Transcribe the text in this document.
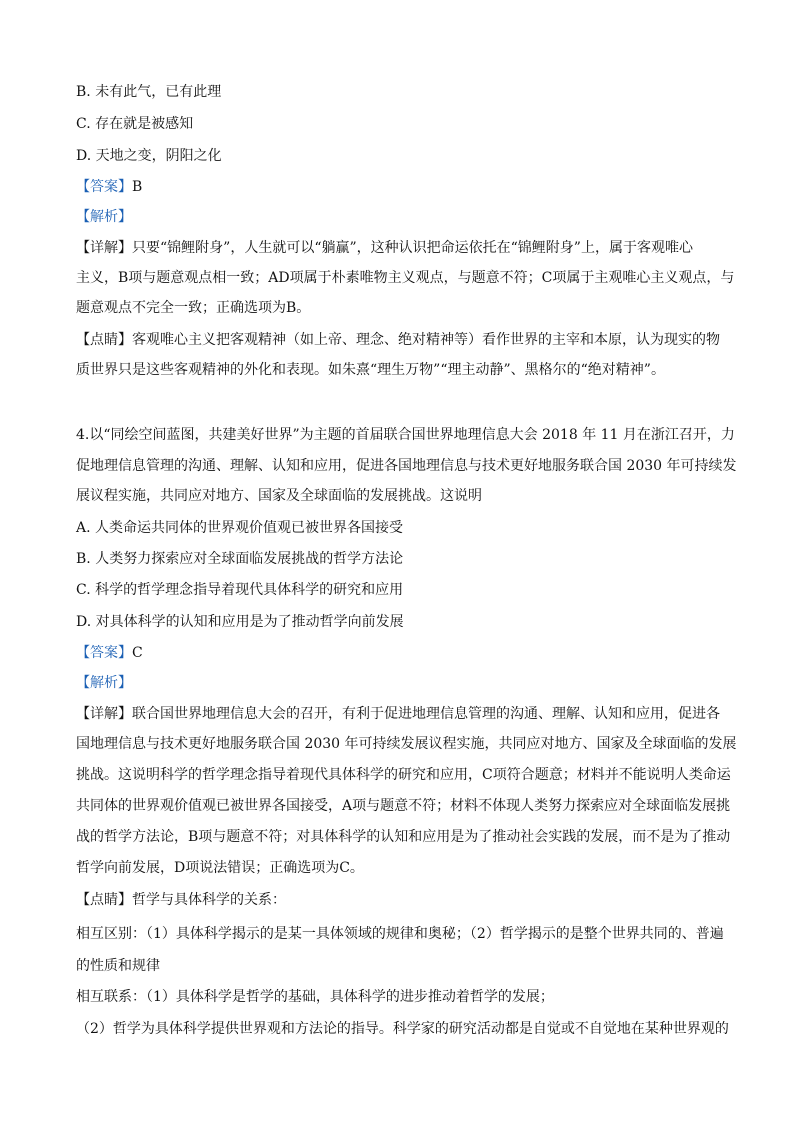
B. 未有此气，已有此理
C. 存在就是被感知
D. 天地之变，阴阳之化
【答案】B
【解析】
【详解】只要“锦鲤附身”，人生就可以“躺赢”，这种认识把命运依托在“锦鲤附身”上，属于客观唯心
主义，B项与题意观点相一致；AD项属于朴素唯物主义观点，与题意不符；C项属于主观唯心主义观点，与
题意观点不完全一致；正确选项为B。
【点睛】客观唯心主义把客观精神（如上帝、理念、绝对精神等）看作世界的主宰和本原，认为现实的物
质世界只是这些客观精神的外化和表现。如朱熹“理生万物”“理主动静”、黑格尔的“绝对精神”。
4.以“同绘空间蓝图，共建美好世界”为主题的首届联合国世界地理信息大会 2018 年 11 月在浙江召开，力
促地理信息管理的沟通、理解、认知和应用，促进各国地理信息与技术更好地服务联合国 2030 年可持续发
展议程实施，共同应对地方、国家及全球面临的发展挑战。这说明
A. 人类命运共同体的世界观价值观已被世界各国接受
B. 人类努力探索应对全球面临发展挑战的哲学方法论
C. 科学的哲学理念指导着现代具体科学的研究和应用
D. 对具体科学的认知和应用是为了推动哲学向前发展
【答案】C
【解析】
【详解】联合国世界地理信息大会的召开，有利于促进地理信息管理的沟通、理解、认知和应用，促进各
国地理信息与技术更好地服务联合国 2030 年可持续发展议程实施，共同应对地方、国家及全球面临的发展
挑战。这说明科学的哲学理念指导着现代具体科学的研究和应用，C项符合题意；材料并不能说明人类命运
共同体的世界观价值观已被世界各国接受，A项与题意不符；材料不体现人类努力探索应对全球面临发展挑
战的哲学方法论，B项与题意不符；对具体科学的认知和应用是为了推动社会实践的发展，而不是为了推动
哲学向前发展，D项说法错误；正确选项为C。
【点睛】哲学与具体科学的关系：
相互区别：（1）具体科学揭示的是某一具体领域的规律和奥秘；（2）哲学揭示的是整个世界共同的、普遍
的性质和规律
相互联系：（1）具体科学是哲学的基础，具体科学的进步推动着哲学的发展；
（2）哲学为具体科学提供世界观和方法论的指导。科学家的研究活动都是自觉或不自觉地在某种世界观的
